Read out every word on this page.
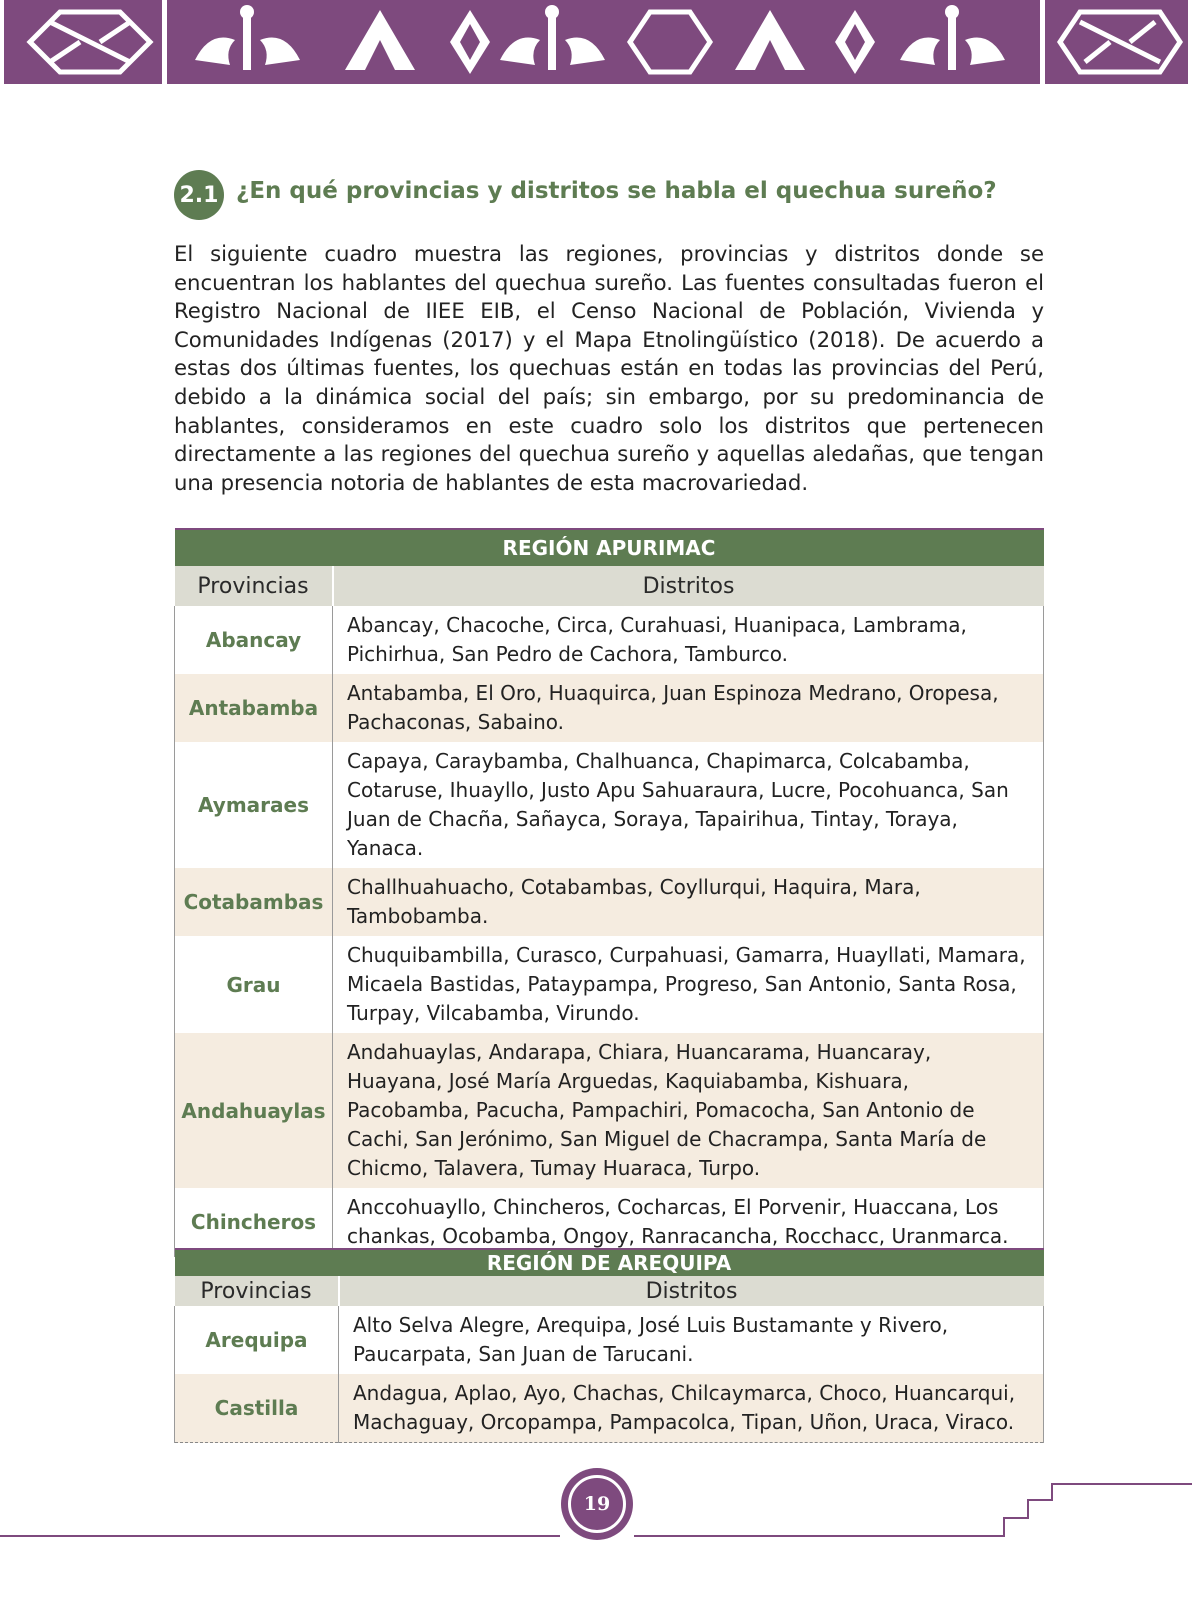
2.1 ¿En qué provincias y distritos se habla el quechua sureño?

El siguiente cuadro muestra las regiones, provincias y distritos donde se encuentran los hablantes del quechua sureño. Las fuentes consultadas fueron el Registro Nacional de IIEE EIB, el Censo Nacional de Población, Vivienda y Comunidades Indígenas (2017) y el Mapa Etnolingüístico (2018). De acuerdo a estas dos últimas fuentes, los quechuas están en todas las provincias del Perú, debido a la dinámica social del país; sin embargo, por su predominancia de hablantes, consideramos en este cuadro solo los distritos que pertenecen directamente a las regiones del quechua sureño y aquellas aledañas, que tengan una presencia notoria de hablantes de esta macrovariedad.

REGIÓN APURIMAC	
Provincias	Distritos
Abancay	Abancay, Chacoche, Circa, Curahuasi, Huanipaca, Lambrama, Pichirhua, San Pedro de Cachora, Tamburco.
Antabamba	Antabamba, El Oro, Huaquirca, Juan Espinoza Medrano, Oropesa, Pachaconas, Sabaino.
Aymaraes	Capaya, Caraybamba, Chalhuanca, Chapimarca, Colcabamba, Cotaruse, Ihuayllo, Justo Apu Sahuaraura, Lucre, Pocohuanca, San Juan de Chacña, Sañayca, Soraya, Tapairihua, Tintay, Toraya, Yanaca.
Cotabambas	Challhuahuacho, Cotabambas, Coyllurqui, Haquira, Mara, Tambobamba.
Grau	Chuquibambilla, Curasco, Curpahuasi, Gamarra, Huayllati, Mamara, Micaela Bastidas, Pataypampa, Progreso, San Antonio, Santa Rosa, Turpay, Vilcabamba, Virundo.
Andahuaylas	Andahuaylas, Andarapa, Chiara, Huancarama, Huancaray, Huayana, José María Arguedas, Kaquiabamba, Kishuara, Pacobamba, Pacucha, Pampachiri, Pomacocha, San Antonio de Cachi, San Jerónimo, San Miguel de Chacrampa, Santa María de Chicmo, Talavera, Tumay Huaraca, Turpo.
Chincheros	Anccohuayllo, Chincheros, Cocharcas, El Porvenir, Huaccana, Los chankas, Ocobamba, Ongoy, Ranracancha, Rocchacc, Uranmarca.
REGIÓN DE AREQUIPA	
Provincias	Distritos
Arequipa	Alto Selva Alegre, Arequipa, José Luis Bustamante y Rivero, Paucarpata, San Juan de Tarucani.
Castilla	Andagua, Aplao, Ayo, Chachas, Chilcaymarca, Choco, Huancarqui, Machaguay, Orcopampa, Pampacolca, Tipan, Uñon, Uraca, Viraco.
19
